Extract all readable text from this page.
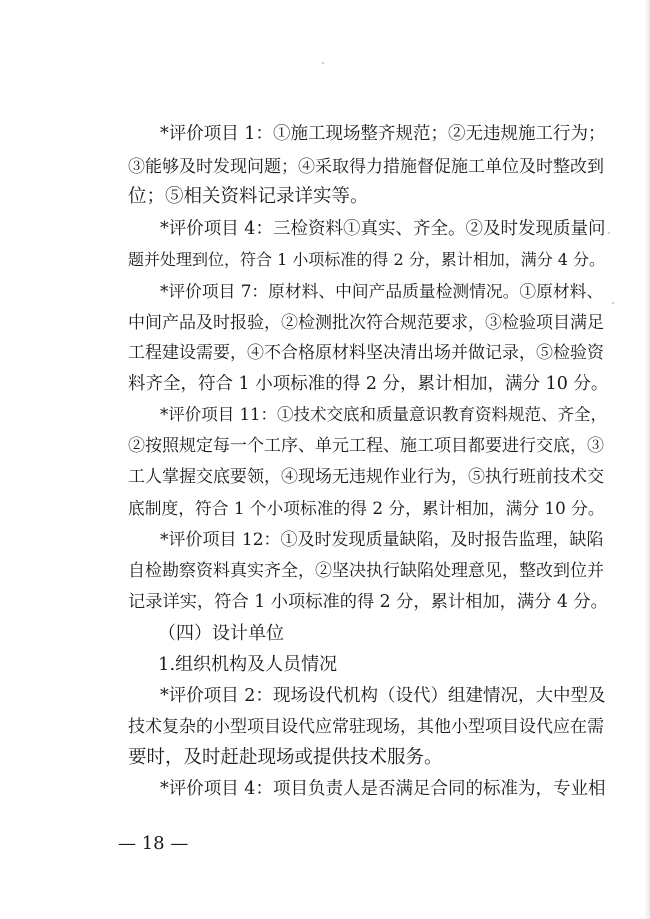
*评价项目 1：①施工现场整齐规范；②无违规施工行为；
③能够及时发现问题；④采取得力措施督促施工单位及时整改到
位；⑤相关资料记录详实等。
*评价项目 4：三检资料①真实、齐全。②及时发现质量问
题并处理到位，符合 1 小项标准的得 2 分，累计相加，满分 4 分。
*评价项目 7：原材料、中间产品质量检测情况。①原材料、
中间产品及时报验，②检测批次符合规范要求，③检验项目满足
工程建设需要，④不合格原材料坚决清出场并做记录，⑤检验资
料齐全，符合 1 小项标准的得 2 分，累计相加，满分 10 分。
*评价项目 11：①技术交底和质量意识教育资料规范、齐全，
②按照规定每一个工序、单元工程、施工项目都要进行交底，③
工人掌握交底要领，④现场无违规作业行为，⑤执行班前技术交
底制度，符合 1 个小项标准的得 2 分，累计相加，满分 10 分。
*评价项目 12：①及时发现质量缺陷，及时报告监理，缺陷
自检勘察资料真实齐全，②坚决执行缺陷处理意见，整改到位并
记录详实，符合 1 小项标准的得 2 分，累计相加，满分 4 分。
（四）设计单位
1.组织机构及人员情况
*评价项目 2：现场设代机构（设代）组建情况，大中型及
技术复杂的小型项目设代应常驻现场，其他小型项目设代应在需
要时，及时赶赴现场或提供技术服务。
*评价项目 4：项目负责人是否满足合同的标准为，专业相
— 18 —
